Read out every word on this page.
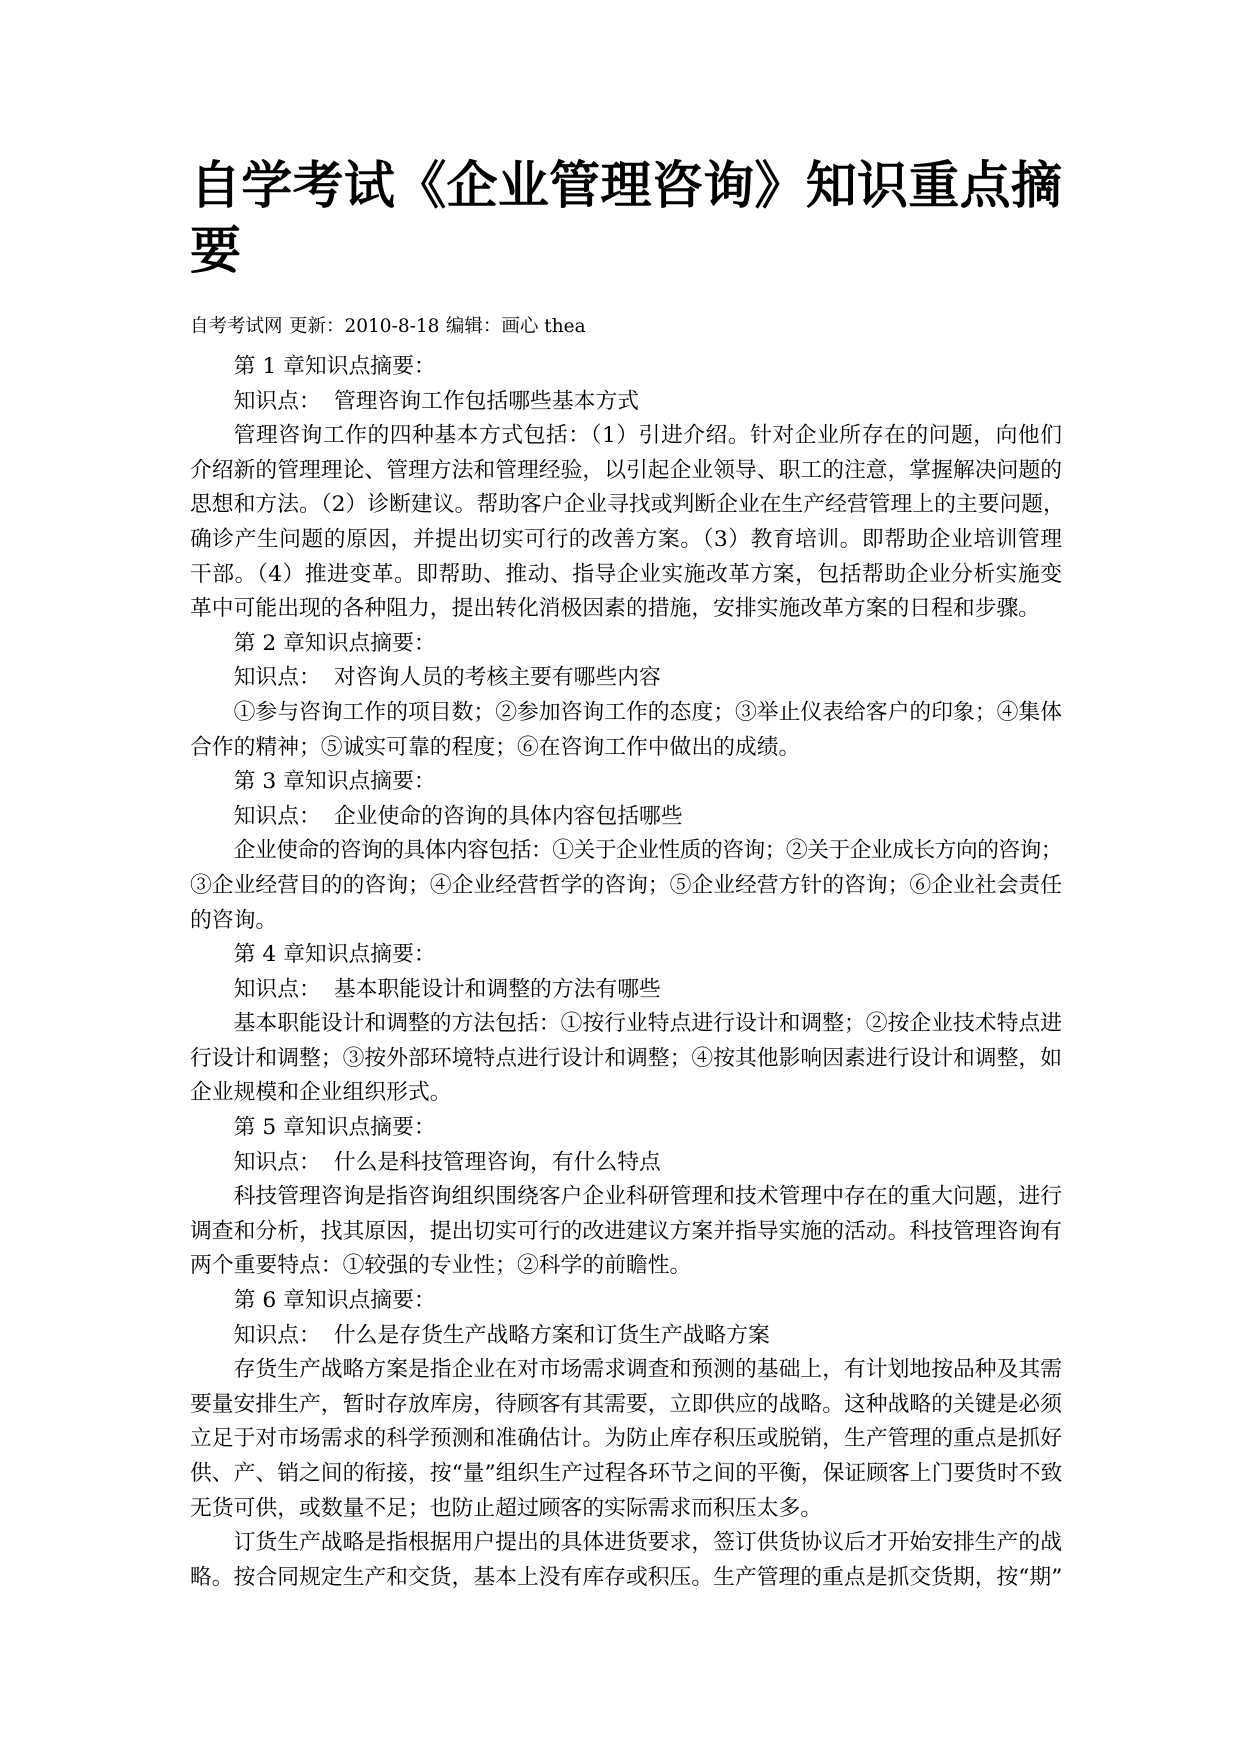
自学考试《企业管理咨询》知识重点摘要
自考考试网 更新：2010-8-18 编辑：画心 thea
第 1 章知识点摘要：
知识点： 管理咨询工作包括哪些基本方式
管理咨询工作的四种基本方式包括：（1）引进介绍。针对企业所存在的问题，向他们
介绍新的管理理论、管理方法和管理经验，以引起企业领导、职工的注意，掌握解决问题的
思想和方法。（2）诊断建议。帮助客户企业寻找或判断企业在生产经营管理上的主要问题，
确诊产生问题的原因，并提出切实可行的改善方案。（3）教育培训。即帮助企业培训管理
干部。（4）推进变革。即帮助、推动、指导企业实施改革方案，包括帮助企业分析实施变
革中可能出现的各种阻力，提出转化消极因素的措施，安排实施改革方案的日程和步骤。
第 2 章知识点摘要：
知识点： 对咨询人员的考核主要有哪些内容
①参与咨询工作的项目数；②参加咨询工作的态度；③举止仪表给客户的印象；④集体
合作的精神；⑤诚实可靠的程度；⑥在咨询工作中做出的成绩。
第 3 章知识点摘要：
知识点： 企业使命的咨询的具体内容包括哪些
企业使命的咨询的具体内容包括：①关于企业性质的咨询；②关于企业成长方向的咨询；
③企业经营目的的咨询；④企业经营哲学的咨询；⑤企业经营方针的咨询；⑥企业社会责任
的咨询。
第 4 章知识点摘要：
知识点： 基本职能设计和调整的方法有哪些
基本职能设计和调整的方法包括：①按行业特点进行设计和调整；②按企业技术特点进
行设计和调整；③按外部环境特点进行设计和调整；④按其他影响因素进行设计和调整，如
企业规模和企业组织形式。
第 5 章知识点摘要：
知识点： 什么是科技管理咨询，有什么特点
科技管理咨询是指咨询组织围绕客户企业科研管理和技术管理中存在的重大问题，进行
调查和分析，找其原因，提出切实可行的改进建议方案并指导实施的活动。科技管理咨询有
两个重要特点：①较强的专业性；②科学的前瞻性。
第 6 章知识点摘要：
知识点： 什么是存货生产战略方案和订货生产战略方案
存货生产战略方案是指企业在对市场需求调查和预测的基础上，有计划地按品种及其需
要量安排生产，暂时存放库房，待顾客有其需要，立即供应的战略。这种战略的关键是必须
立足于对市场需求的科学预测和准确估计。为防止库存积压或脱销，生产管理的重点是抓好
供、产、销之间的衔接，按“量”组织生产过程各环节之间的平衡，保证顾客上门要货时不致
无货可供，或数量不足；也防止超过顾客的实际需求而积压太多。
订货生产战略是指根据用户提出的具体进货要求，签订供货协议后才开始安排生产的战
略。按合同规定生产和交货，基本上没有库存或积压。生产管理的重点是抓交货期，按“期”
